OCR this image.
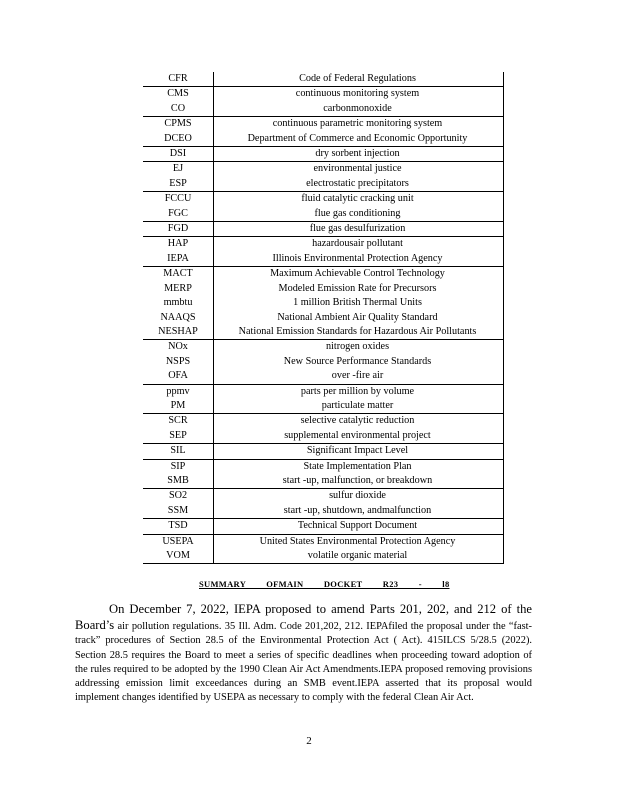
CFR	Code of Federal Regulations
CMS	continuous monitoring system
CO	carbonmonoxide
CPMS	continuous parametric monitoring system
DCEO	Department of Commerce and Economic Opportunity
DSI	dry sorbent injection
EJ	environmental justice
ESP	electrostatic precipitators
FCCU	fluid catalytic cracking unit
FGC	flue gas conditioning
FGD	flue gas desulfurization
HAP	hazardousair pollutant
IEPA	Illinois Environmental Protection Agency
MACT	Maximum Achievable Control Technology
MERP	Modeled Emission Rate for Precursors
mmbtu	1 million British Thermal Units
NAAQS	National Ambient Air Quality Standard
NESHAP	National Emission Standards for Hazardous Air Pollutants
NOx	nitrogen oxides
NSPS	New Source Performance Standards
OFA	over -fire air
ppmv	parts per million by volume
PM	particulate matter
SCR	selective catalytic reduction
SEP	supplemental environmental project
SIL	Significant Impact Level
SIP	State Implementation Plan
SMB	start -up, malfunction, or breakdown
SO2	sulfur dioxide
SSM	start -up, shutdown, andmalfunction
TSD	Technical Support Document
USEPA	United States Environmental Protection Agency
VOM	volatile organic material
SUMMARY OFMAIN DOCKET R23 - l8

On December 7, 2022, IEPA proposed to amend Parts 201, 202, and 212 of the Board’s air pollution regulations. 35 Ill. Adm. Code 201,202, 212. IEPAfiled the proposal under the “fast-track” procedures of Section 28.5 of the Environmental Protection Act ( Act). 415ILCS 5/28.5 (2022). Section 28.5 requires the Board to meet a series of specific deadlines when proceeding toward adoption of the rules required to be adopted by the 1990 Clean Air Act Amendments.IEPA proposed removing provisions addressing emission limit exceedances during an SMB event.IEPA asserted that its proposal would implement changes identified by USEPA as necessary to comply with the federal Clean Air Act.

2
